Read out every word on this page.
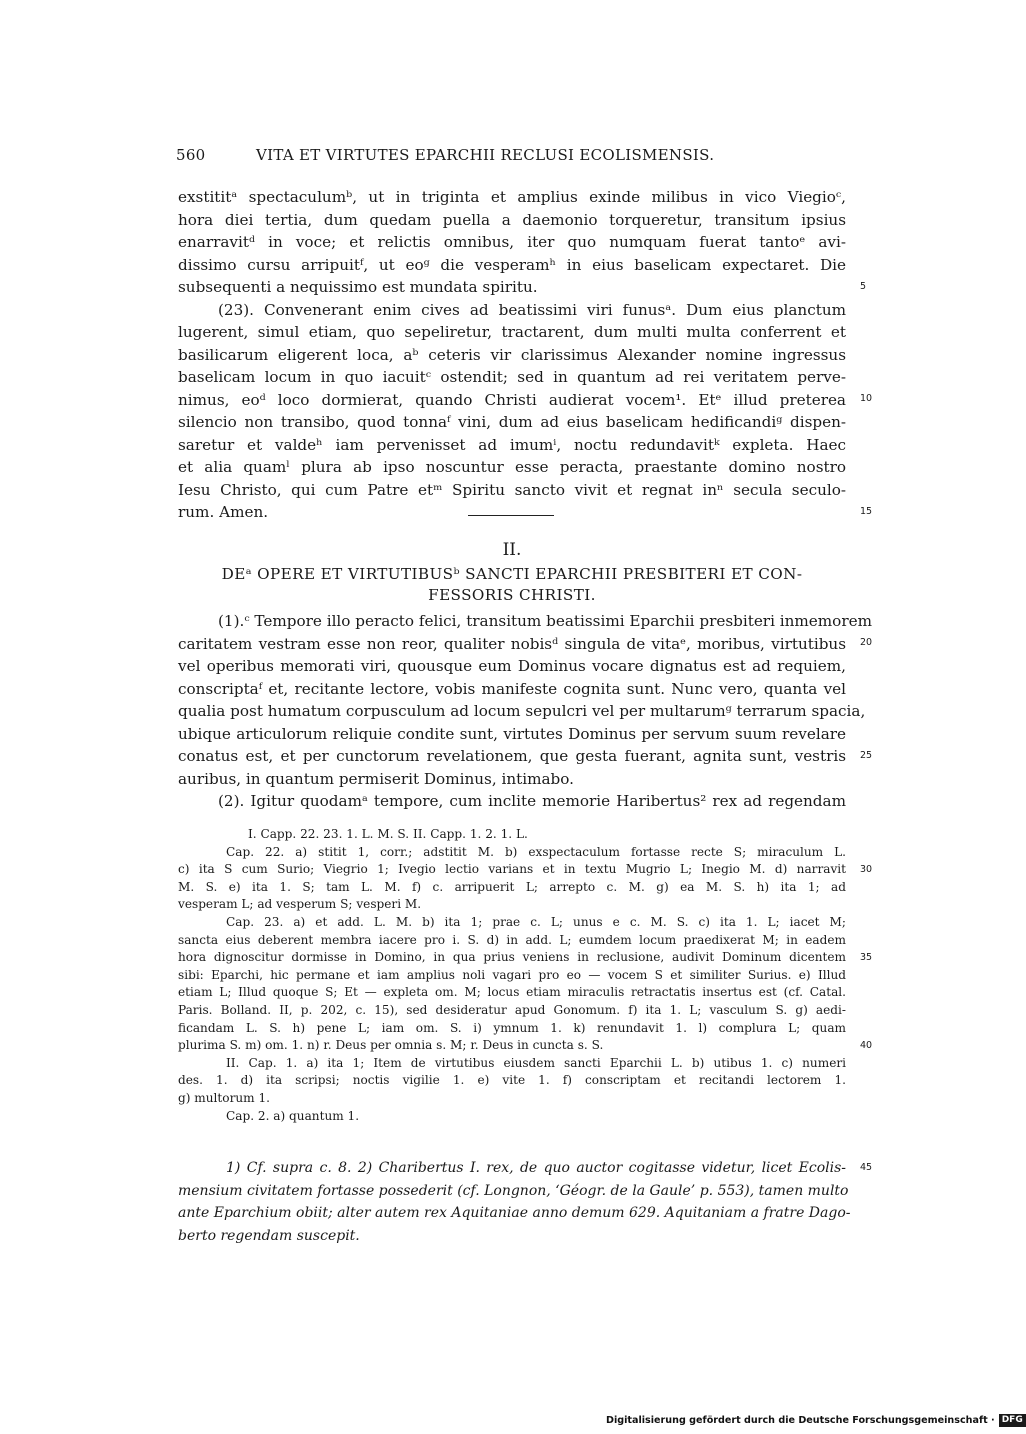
560	VITA ET VIRTUTES EPARCHII RECLUSI ECOLISMENSIS.
exstititᵃ spectaculumᵇ, ut in triginta et amplius exinde milibus in vico Viegioᶜ,
hora diei tertia, dum quedam puella a daemonio torqueretur, transitum ipsius
enarravitᵈ in voce; et relictis omnibus, iter quo numquam fuerat tantoᵉ avi-
dissimo cursu arripuitᶠ, ut eoᵍ die vesperamʰ in eius baselicam expectaret. Die
subsequenti a nequissimo est mundata spiritu.
(23). Convenerant enim cives ad beatissimi viri funusᵃ. Dum eius planctum
lugerent, simul etiam, quo sepeliretur, tractarent, dum multi multa conferrent et
basilicarum eligerent loca, aᵇ ceteris vir clarissimus Alexander nomine ingressus
baselicam locum in quo iacuitᶜ ostendit; sed in quantum ad rei veritatem perve-
nimus, eoᵈ loco dormierat, quando Christi audierat vocem¹. Etᵉ illud preterea
silencio non transibo, quod tonnaᶠ vini, dum ad eius baselicam hedificandiᵍ dispen-
saretur et valdeʰ iam pervenisset ad imumⁱ, noctu redundavitᵏ expleta. Haec
et alia quamˡ plura ab ipso noscuntur esse peracta, praestante domino nostro
Iesu Christo, qui cum Patre etᵐ Spiritu sancto vivit et regnat inⁿ secula seculo-
rum. Amen.
5
10
15
II.
DEᵃ OPERE ET VIRTUTIBUSᵇ SANCTI EPARCHII PRESBITERI ET CON-
FESSORIS CHRISTI.
(1).ᶜ Tempore illo peracto felici, transitum beatissimi Eparchii presbiteri inmemorem
caritatem vestram esse non reor, qualiter nobisᵈ singula de vitaᵉ, moribus, virtutibus
vel operibus memorati viri, quousque eum Dominus vocare dignatus est ad requiem,
conscriptaᶠ et, recitante lectore, vobis manifeste cognita sunt. Nunc vero, quanta vel
qualia post humatum corpusculum ad locum sepulcri vel per multarumᵍ terrarum spacia,
ubique articulorum reliquie condite sunt, virtutes Dominus per servum suum revelare
conatus est, et per cunctorum revelationem, que gesta fuerant, agnita sunt, vestris
auribus, in quantum permiserit Dominus, intimabo.
(2). Igitur quodamᵃ tempore, cum inclite memorie Haribertus² rex ad regendam
20
25
I. Capp. 22. 23. 1. L. M. S. II. Capp. 1. 2. 1. L.
Cap. 22. a) stitit 1, corr.; adstitit M. b) exspectaculum fortasse recte S; miraculum L.
c) ita S cum Surio; Viegrio 1; Ivegio lectio varians et in textu Mugrio L; Inegio M. d) narravit
M. S. e) ita 1. S; tam L. M. f) c. arripuerit L; arrepto c. M. g) ea M. S. h) ita 1; ad
vesperam L; ad vesperum S; vesperi M.
Cap. 23. a) et add. L. M. b) ita 1; prae c. L; unus e c. M. S. c) ita 1. L; iacet M;
sancta eius deberent membra iacere pro i. S. d) in add. L; eumdem locum praedixerat M; in eadem
hora dignoscitur dormisse in Domino, in qua prius veniens in reclusione, audivit Dominum dicentem
sibi: Eparchi, hic permane et iam amplius noli vagari pro eo — vocem S et similiter Surius. e) Illud
etiam L; Illud quoque S; Et — expleta om. M; locus etiam miraculis retractatis insertus est (cf. Catal.
Paris. Bolland. II, p. 202, c. 15), sed desideratur apud Gonomum. f) ita 1. L; vasculum S. g) aedi-
ficandam L. S. h) pene L; iam om. S. i) ymnum 1. k) renundavit 1. l) complura L; quam
plurima S. m) om. 1. n) r. Deus per omnia s. M; r. Deus in cuncta s. S.
II. Cap. 1. a) ita 1; Item de virtutibus eiusdem sancti Eparchii L. b) utibus 1. c) numeri
des. 1. d) ita scripsi; noctis vigilie 1. e) vite 1. f) conscriptam et recitandi lectorem 1.
g) multorum 1.
Cap. 2. a) quantum 1.
30
35
40
1) Cf. supra c. 8. 2) Charibertus I. rex, de quo auctor cogitasse videtur, licet Ecolis-
mensium civitatem fortasse possederit (cf. Longnon, ‘Géogr. de la Gaule’ p. 553), tamen multo
ante Eparchium obiit; alter autem rex Aquitaniae anno demum 629. Aquitaniam a fratre Dago-
berto regendam suscepit.
45
Digitalisierung gefördert durch die Deutsche Forschungsgemeinschaft · DFG
